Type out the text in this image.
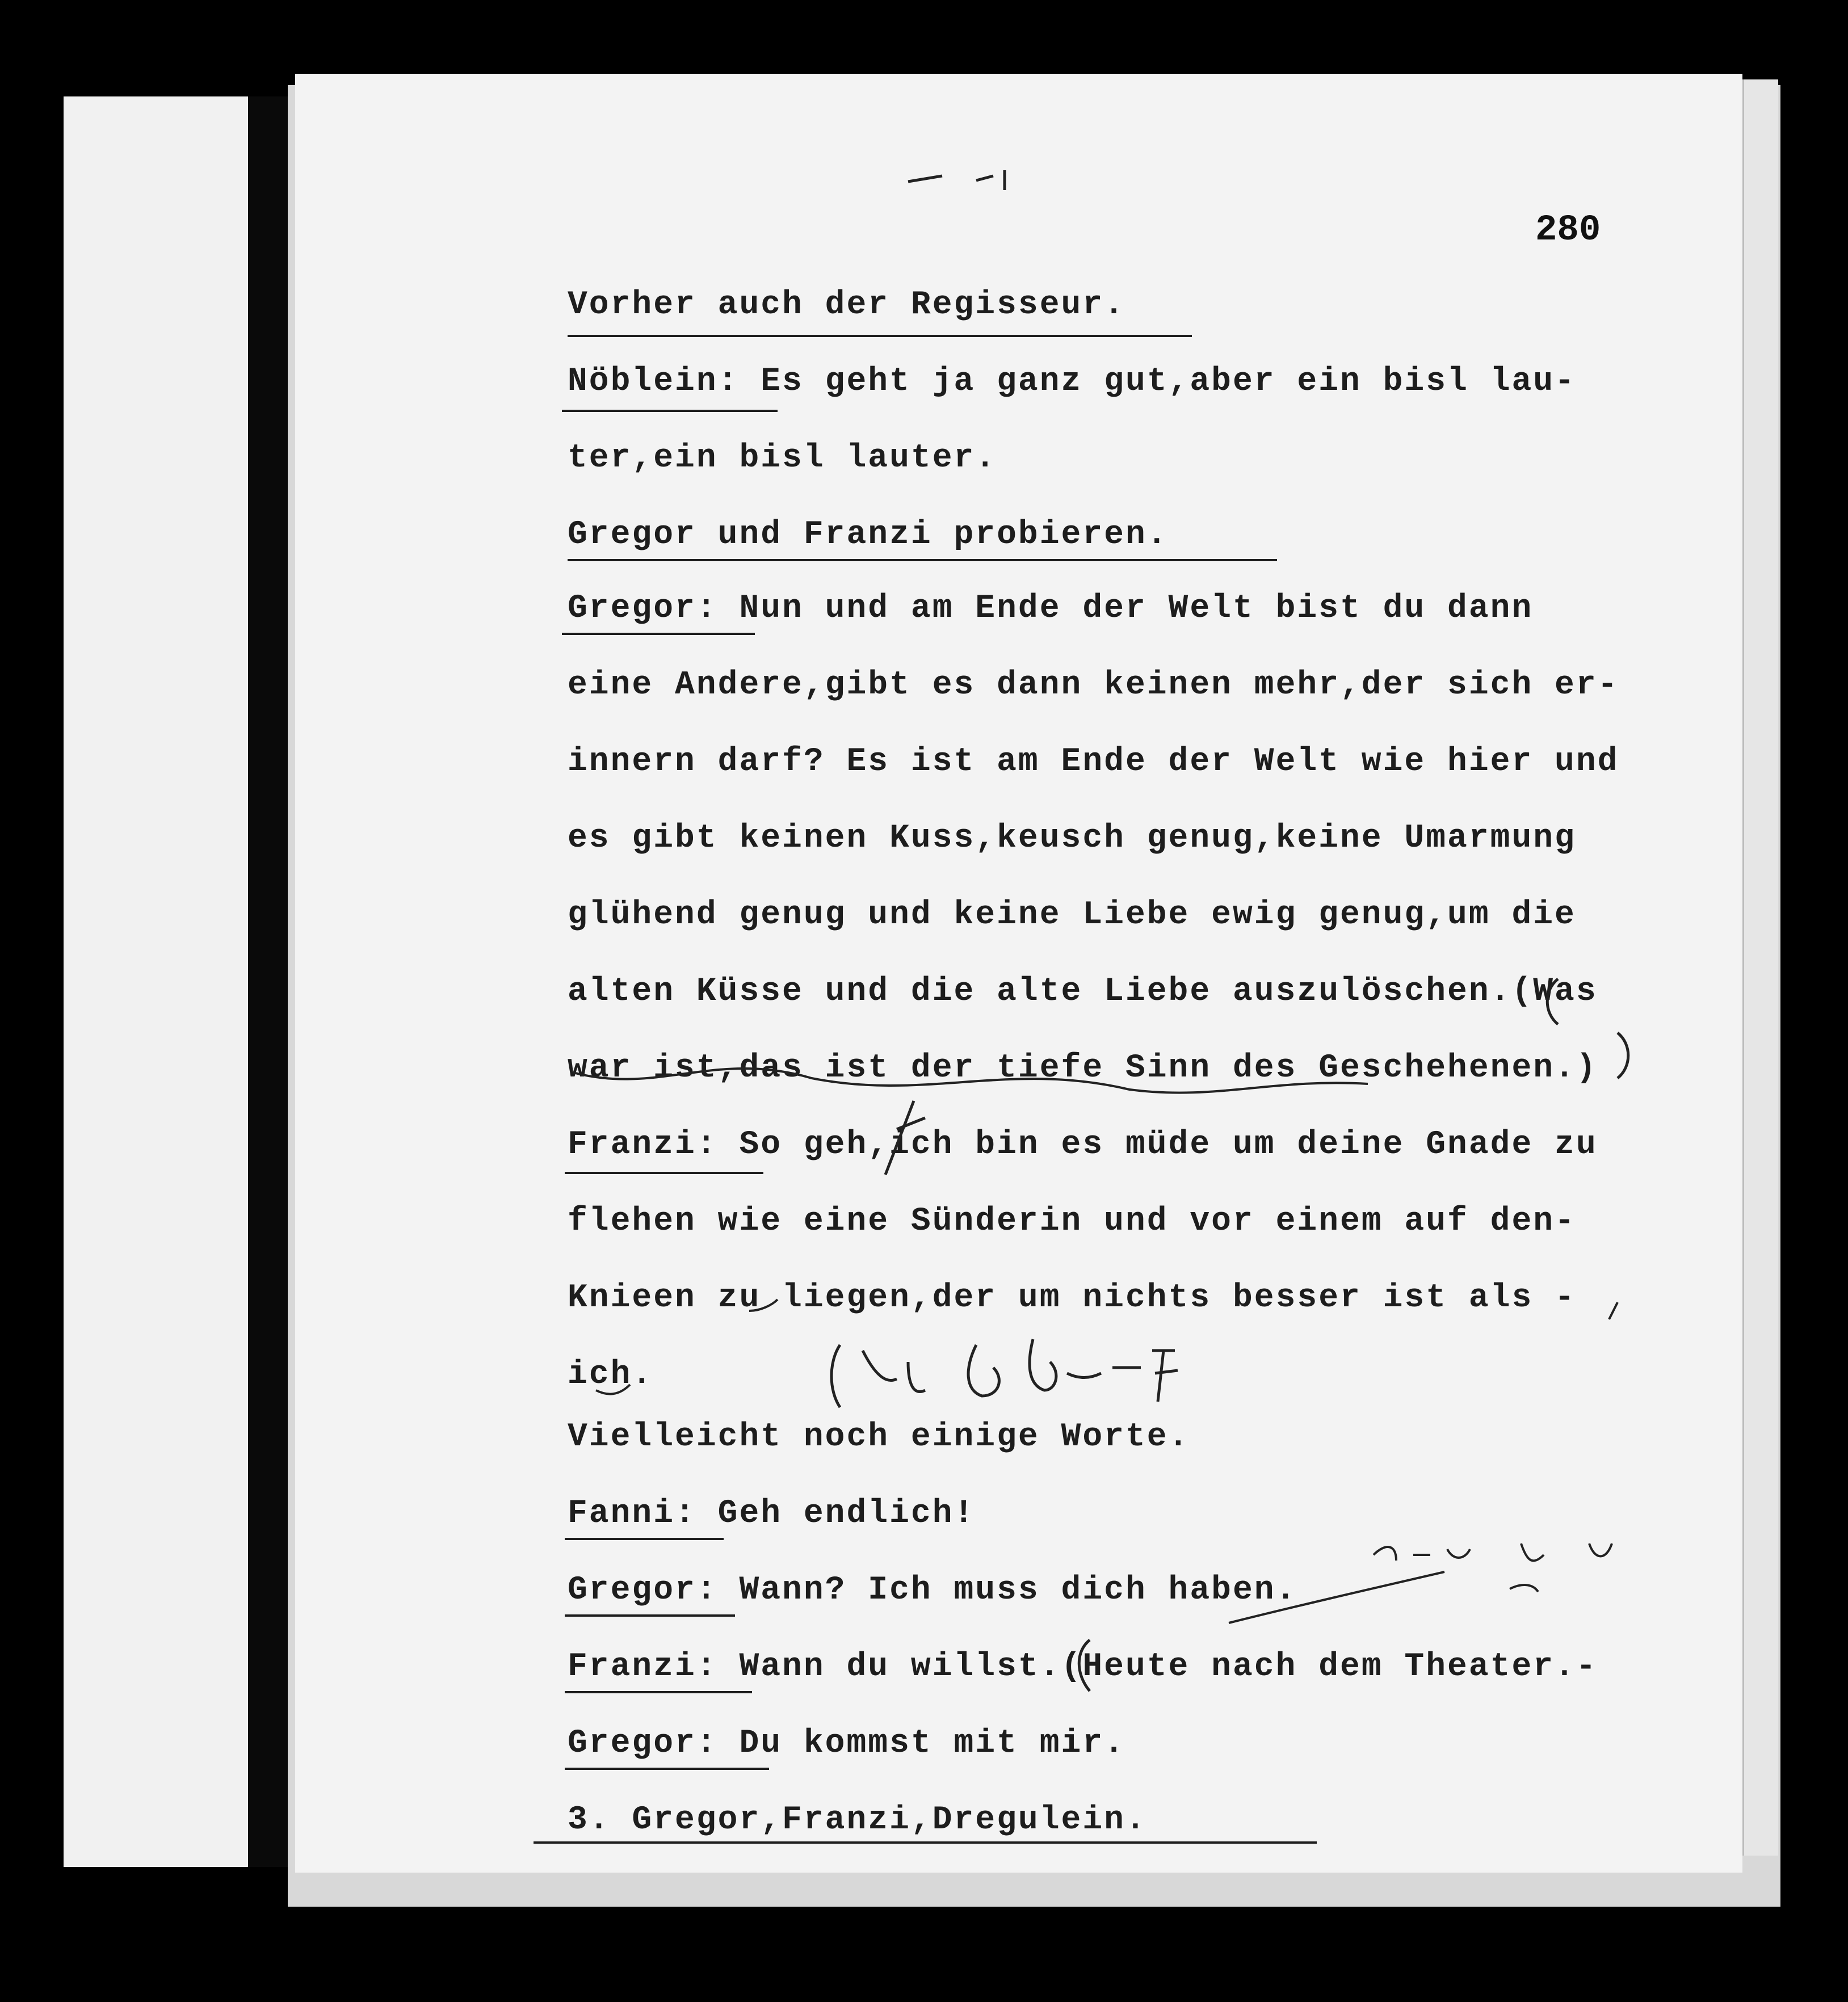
280
Vorher auch der Regisseur.
Nöblein: Es geht ja ganz gut,aber ein bisl lau-
ter,ein bisl lauter.
Gregor und Franzi probieren.
Gregor: Nun und am Ende der Welt bist du dann
eine Andere,gibt es dann keinen mehr,der sich er-
innern darf? Es ist am Ende der Welt wie hier und
es gibt keinen Kuss,keusch genug,keine Umarmung
glühend genug und keine Liebe ewig genug,um die
alten Küsse und die alte Liebe auszulöschen.(Was
war ist,das ist der tiefe Sinn des Geschehenen.)
Franzi: So geh,ich bin es müde um deine Gnade zu
flehen wie eine Sünderin und vor einem auf den-
Knieen zu liegen,der um nichts besser ist als -
ich.
Vielleicht noch einige Worte.
Fanni: Geh endlich!
Gregor: Wann? Ich muss dich haben.
Franzi: Wann du willst.(Heute nach dem Theater.-
Gregor: Du kommst mit mir.
3. Gregor,Franzi,Dregulein.
